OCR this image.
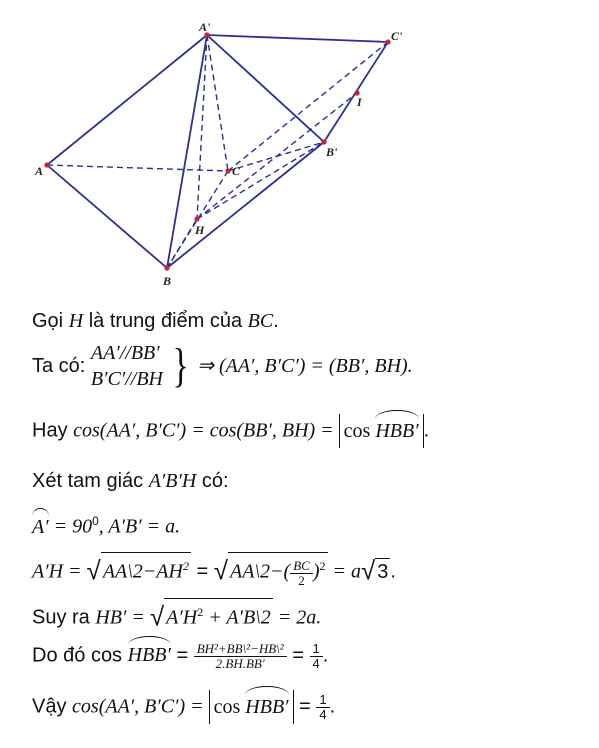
A'
C'
A	C
B'
I
H
B
Gọi H là trung điểm của BC.
Ta có: AA′//BB′
B′C′//BH } ⇒ (AA′, B′C′) = (BB′, BH).
Hay cos(AA′, B′C′) = cos(BB′, BH) = cos HBB′ .
Xét tam giác A′B′H có:
$A' = 90^0$, A′B′ = a.
A′H = √ $AA\backslash 2-AH^2$ = √ AA\2−( $\frac{BC}{2} )^2 = a√$ 3 .
Suy ra HB′ = √ $A'H^2$ + A′B\2 = 2a.
Do đó $\cos HBB' = \frac{\text{BH²+BB\textbackslash{}²−HB\textbackslash{}²}}{2.BH.BB'} = \frac{1}{4}$ .
Vậy cos(AA′, $B'C') = \cos HBB' = \frac{1}{4}$ .
